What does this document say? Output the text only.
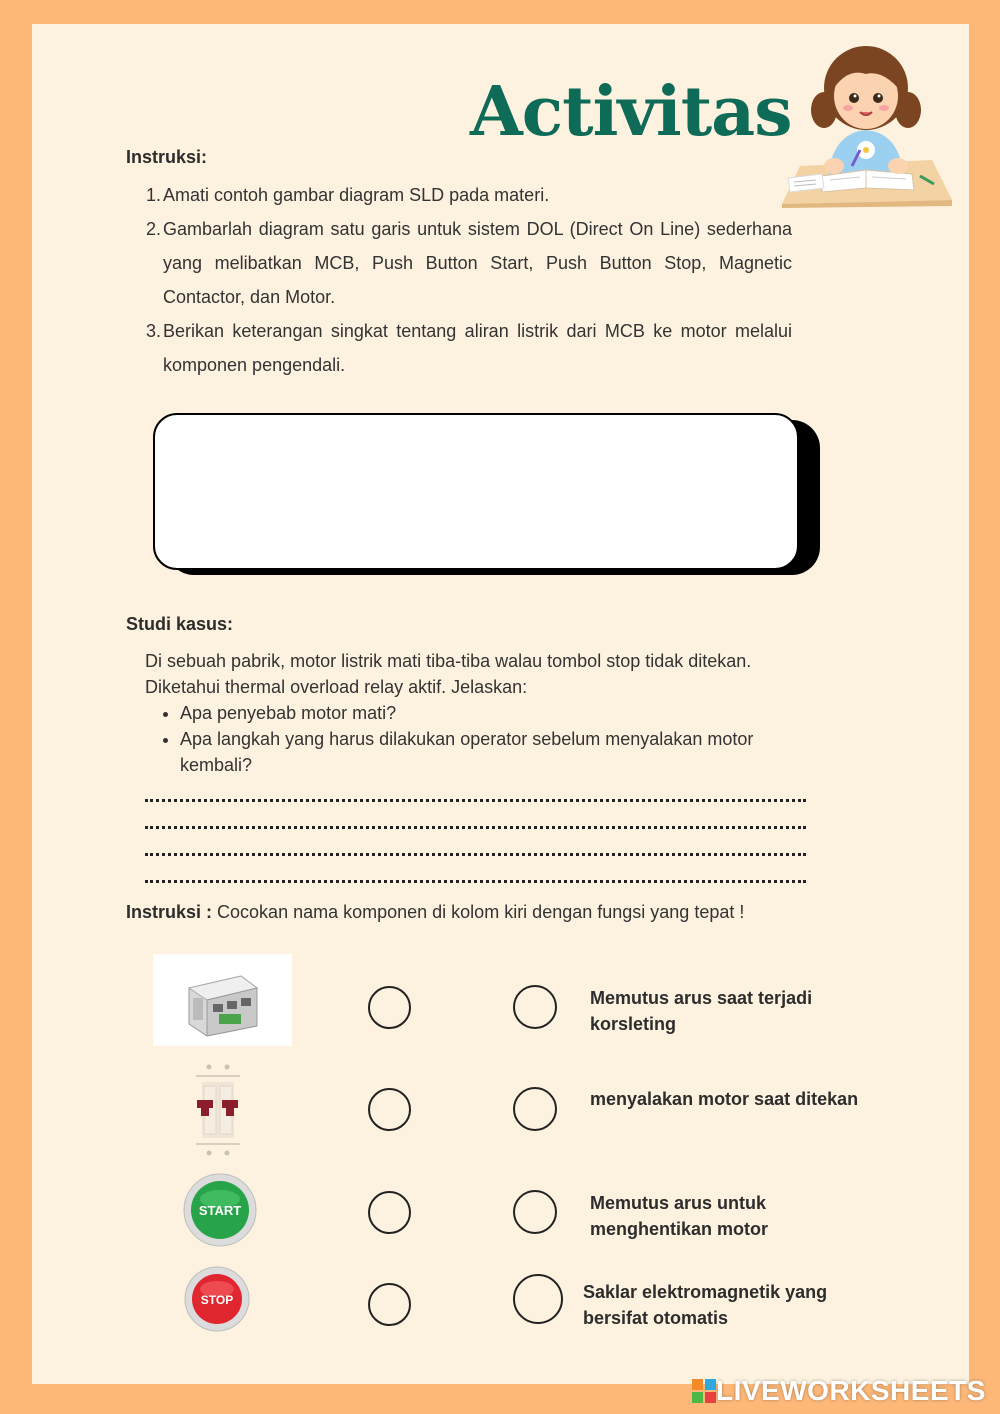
Activitas
Instruksi:
1. Amati contoh gambar diagram SLD pada materi.
2. Gambarlah diagram satu garis untuk sistem DOL (Direct On Line) sederhana yang melibatkan MCB, Push Button Start, Push Button Stop, Magnetic Contactor, dan Motor.
3. Berikan keterangan singkat tentang aliran listrik dari MCB ke motor melalui komponen pengendali.
Studi kasus:

Di sebuah pabrik, motor listrik mati tiba-tiba walau tombol stop tidak ditekan.

Diketahui thermal overload relay aktif. Jelaskan:

• Apa penyebab motor mati?
• Apa langkah yang harus dilakukan operator sebelum menyalakan motor kembali?
Instruksi : Cocokan nama komponen di kolom kiri dengan fungsi yang tepat !
START
STOP
Memutus arus saat terjadi
korsleting
menyalakan motor saat ditekan
Memutus arus untuk
menghentikan motor
Saklar elektromagnetik yang
bersifat otomatis
LIVEWORKSHEETS
